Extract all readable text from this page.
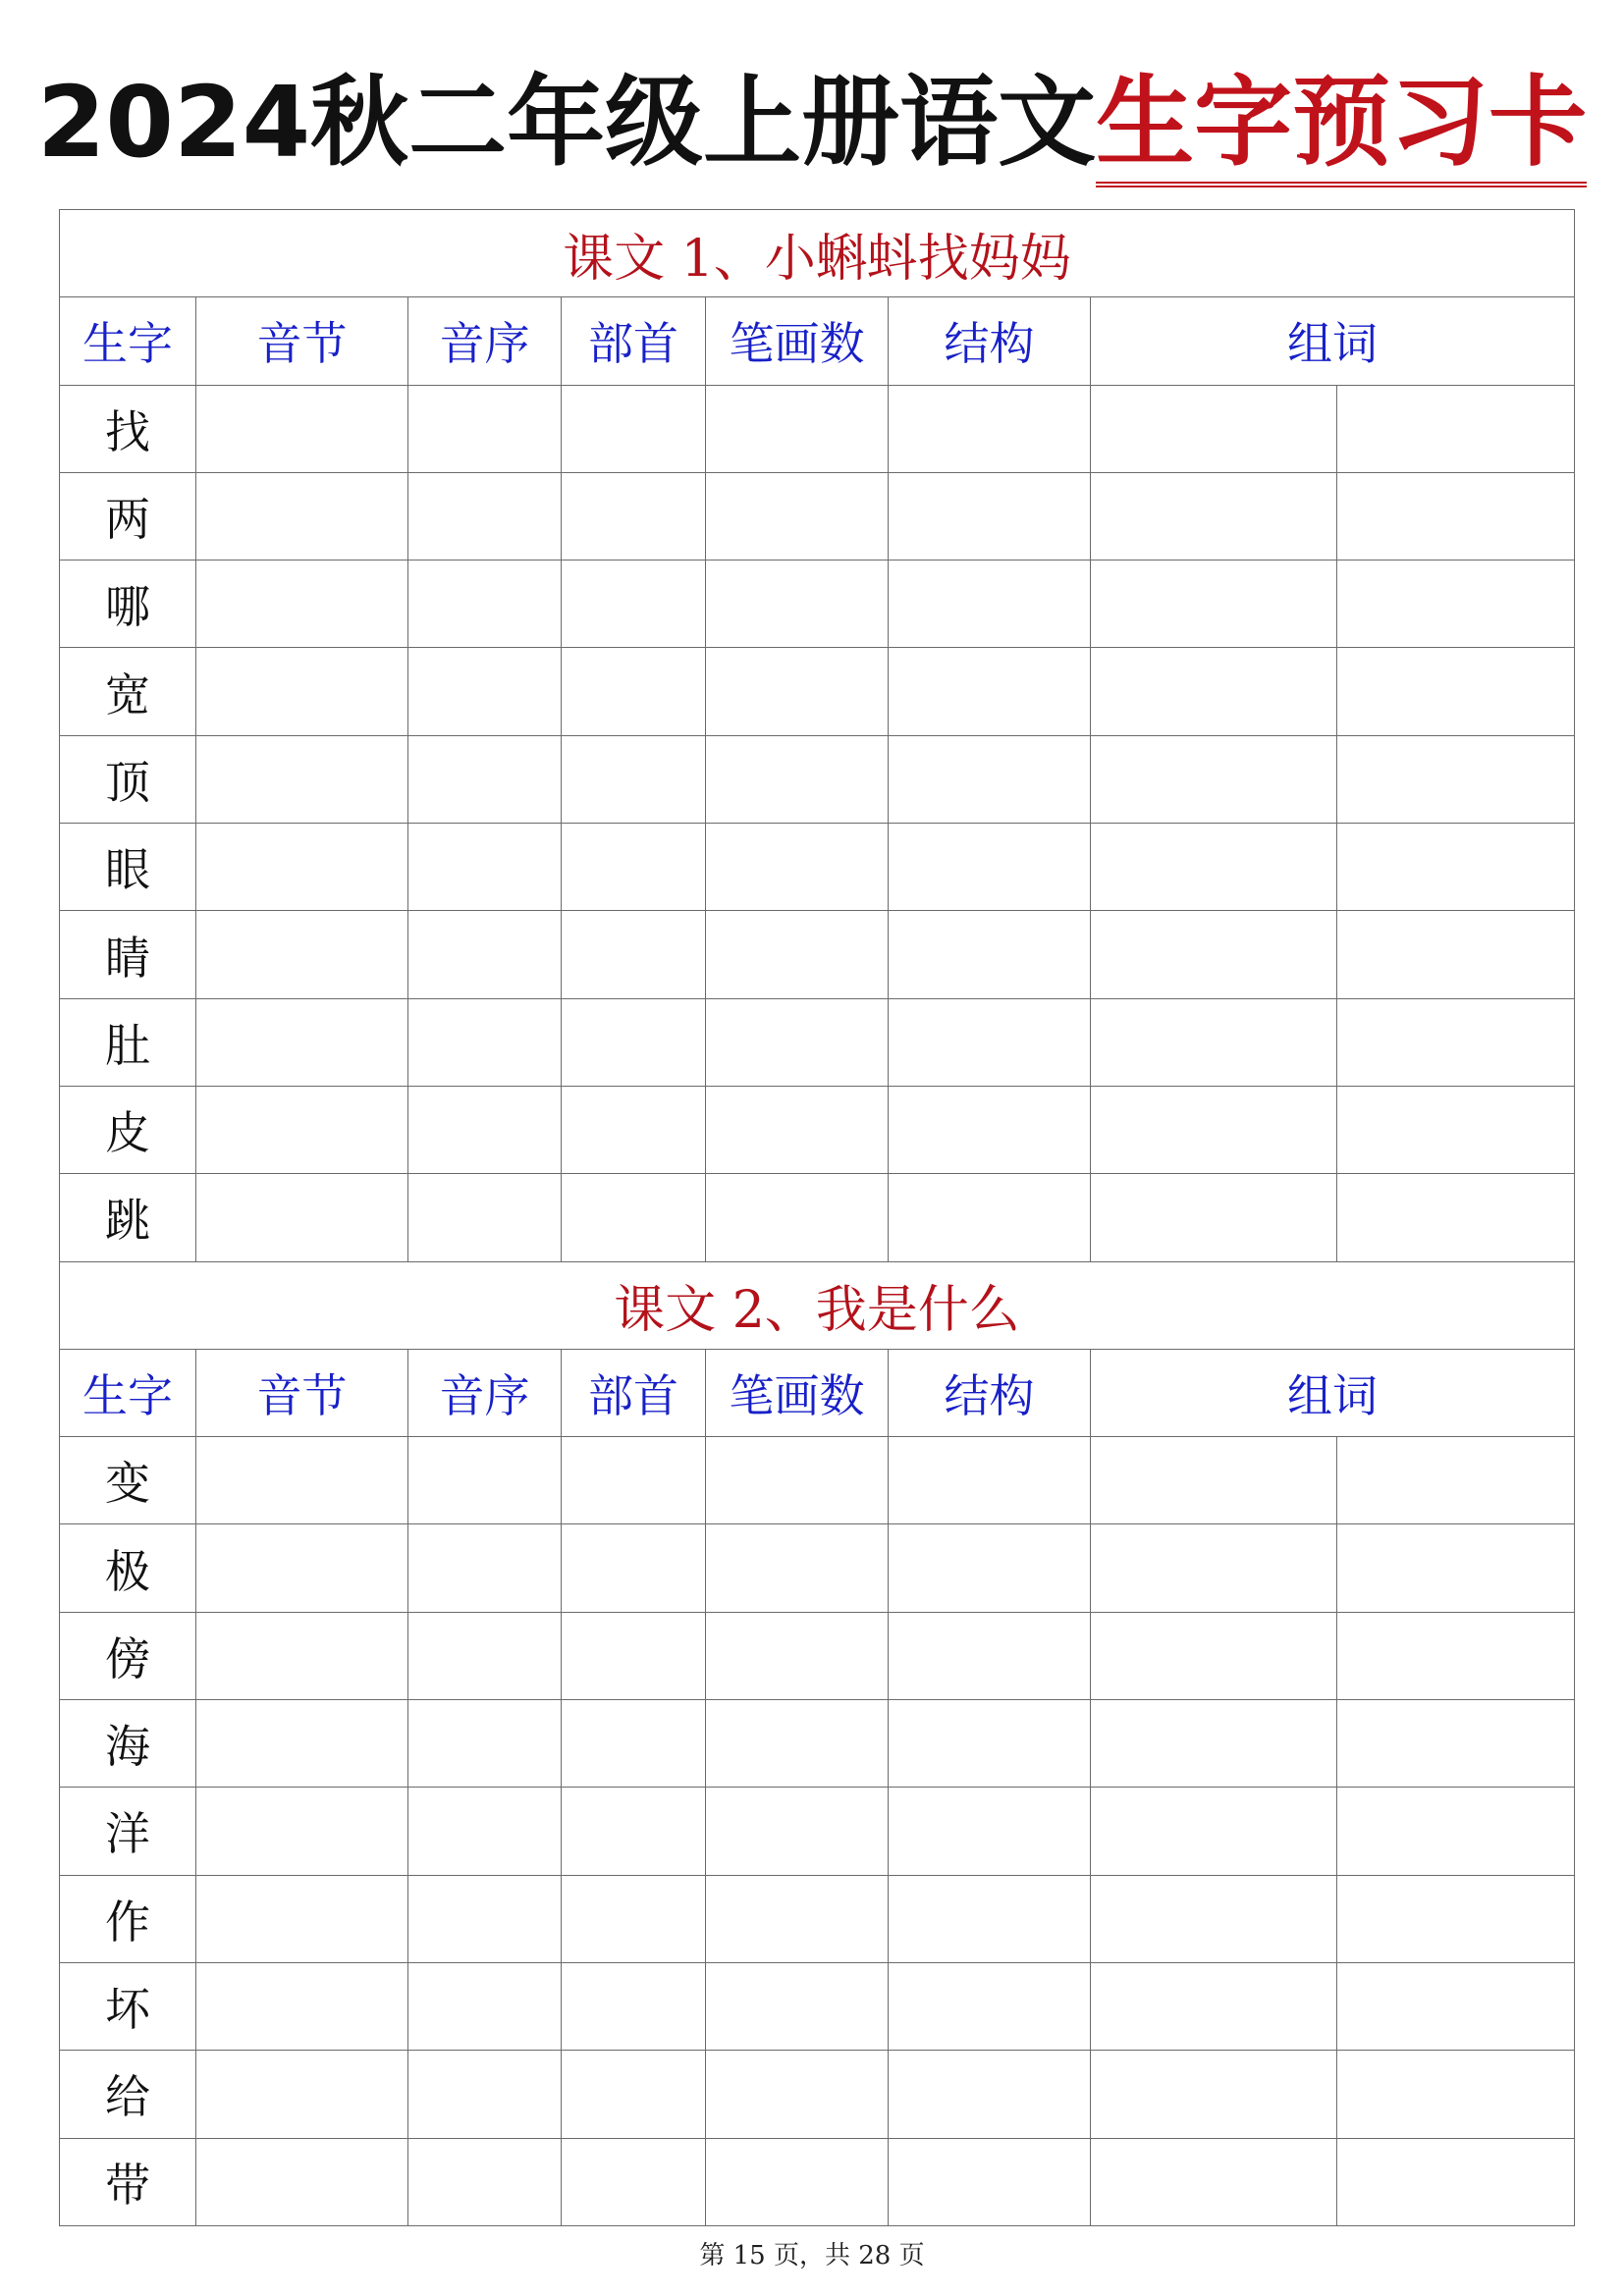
2024秋二年级上册语文生字预习卡
课文 1、小蝌蚪找妈妈							
生字	音节	音序	部首	笔画数	结构	组词	
找							
两							
哪							
宽							
顶							
眼							
睛							
肚							
皮							
跳							
课文 2、我是什么							
生字	音节	音序	部首	笔画数	结构	组词	
变							
极							
傍							
海							
洋							
作							
坏							
给							
带							
第 15 页，共 28 页
